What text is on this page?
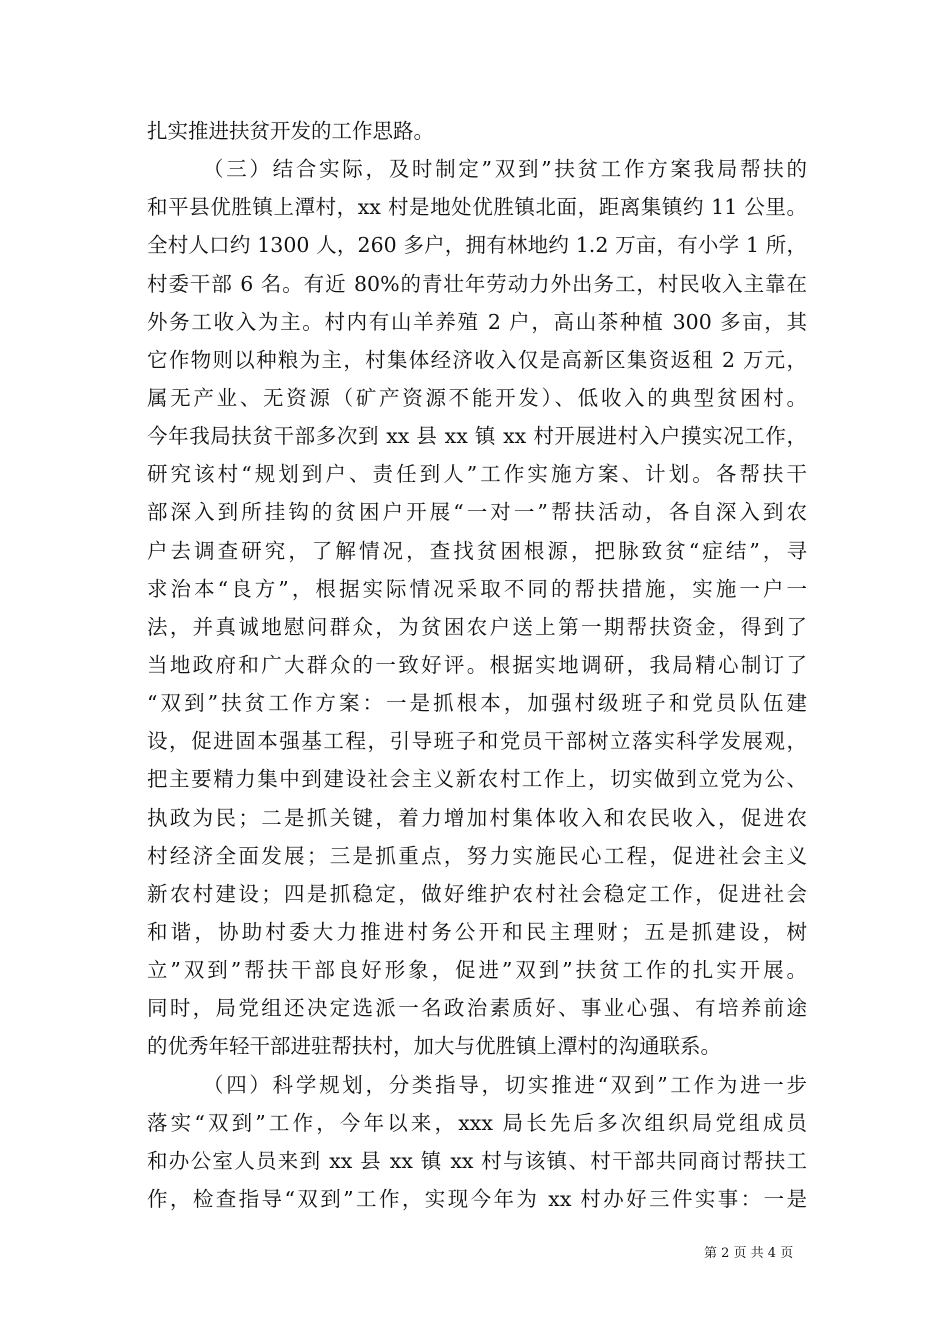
扎实推进扶贫开发的工作思路。
（三）结合实际，及时制定”双到”扶贫工作方案我局帮扶的
和平县优胜镇上潭村，xx 村是地处优胜镇北面，距离集镇约 11 公里。
全村人口约 1300 人，260 多户，拥有林地约 1.2 万亩，有小学 1 所，
村委干部 6 名。有近 80%的青壮年劳动力外出务工，村民收入主靠在
外务工收入为主。村内有山羊养殖 2 户，高山茶种植 300 多亩，其
它作物则以种粮为主，村集体经济收入仅是高新区集资返租 2 万元，
属无产业、无资源（矿产资源不能开发）、低收入的典型贫困村。
今年我局扶贫干部多次到 xx 县 xx 镇 xx 村开展进村入户摸实况工作，
研究该村“规划到户、责任到人”工作实施方案、计划。各帮扶干
部深入到所挂钩的贫困户开展“一对一”帮扶活动，各自深入到农
户去调查研究，了解情况，查找贫困根源，把脉致贫“症结”，寻
求治本“良方”，根据实际情况采取不同的帮扶措施，实施一户一
法，并真诚地慰问群众，为贫困农户送上第一期帮扶资金，得到了
当地政府和广大群众的一致好评。根据实地调研，我局精心制订了
“双到”扶贫工作方案：一是抓根本，加强村级班子和党员队伍建
设，促进固本强基工程，引导班子和党员干部树立落实科学发展观，
把主要精力集中到建设社会主义新农村工作上，切实做到立党为公、
执政为民；二是抓关键，着力增加村集体收入和农民收入，促进农
村经济全面发展；三是抓重点，努力实施民心工程，促进社会主义
新农村建设；四是抓稳定，做好维护农村社会稳定工作，促进社会
和谐，协助村委大力推进村务公开和民主理财；五是抓建设，树
立”双到”帮扶干部良好形象，促进”双到”扶贫工作的扎实开展。
同时，局党组还决定选派一名政治素质好、事业心强、有培养前途
的优秀年轻干部进驻帮扶村，加大与优胜镇上潭村的沟通联系。
（四）科学规划，分类指导，切实推进“双到”工作为进一步
落实“双到”工作，今年以来，xxx 局长先后多次组织局党组成员
和办公室人员来到 xx 县 xx 镇 xx 村与该镇、村干部共同商讨帮扶工
作，检查指导“双到”工作，实现今年为 xx 村办好三件实事：一是
第 2 页 共 4 页
